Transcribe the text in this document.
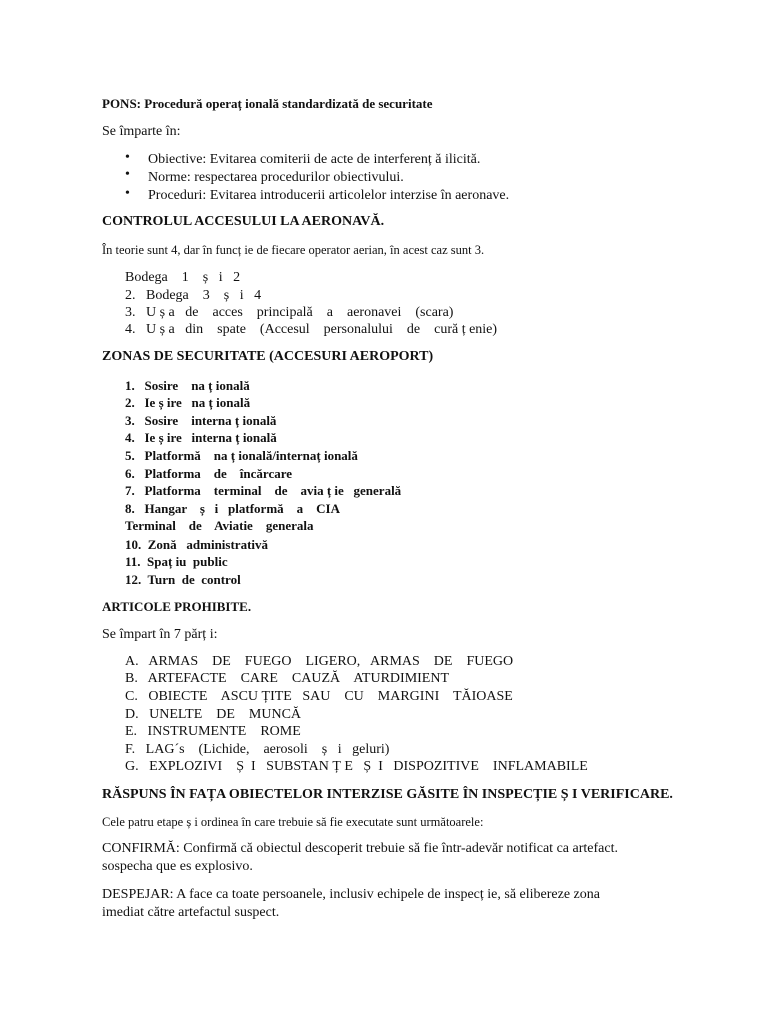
PONS: Procedură operaț ională standardizată de securitate
Se împarte în:
• Obiective: Evitarea comiterii de acte de interferenț ă ilicită.
• Norme: respectarea procedurilor obiectivului.
• Proceduri: Evitarea introducerii articolelor interzise în aeronave.
CONTROLUL ACCESULUI LA AERONAVĂ.
În teorie sunt 4, dar în funcț ie de fiecare operator aerian, în acest caz sunt 3.
Bodega    1    ș   i   2
2.   Bodega    3    ș   i   4
3.   U ș a   de    acces    principală    a    aeronavei    (scara)
4.   U ș a   din    spate    (Accesul    personalului    de    cură ț enie)
ZONAS DE SECURITATE (ACCESURI AEROPORT)
1.   Sosire    na ț ională
2.   Ie ș ire   na ț ională
3.   Sosire    interna ț ională
4.   Ie ș ire   interna ț ională
5.   Platformă    na ț ională/internaț ională
6.   Platforma    de    încărcare
7.   Platforma    terminal    de    avia ț ie   generală
8.   Hangar    ș   i   platformă    a    CIA
Terminal    de    Aviatie    generala
10.  Zonă   administrativă
11.  Spaț iu  public
12.  Turn  de  control
ARTICOLE PROHIBITE.
Se împart în 7 părț i:
A.   ARMAS    DE    FUEGO    LIGERO,   ARMAS    DE    FUEGO
B.   ARTEFACTE    CARE    CAUZĂ    ATURDIMIENT
C.   OBIECTE    ASCU ȚITE   SAU    CU    MARGINI    TĂIOASE
D.   UNELTE    DE    MUNCĂ
E.   INSTRUMENTE    ROME
F.   LAG´s    (Lichide,    aerosoli    ș   i   geluri)
G.   EXPLOZIVI    Ș  I   SUBSTAN Ț E   Ș  I   DISPOZITIVE    INFLAMABILE
RĂSPUNS ÎN FAȚA OBIECTELOR INTERZISE GĂSITE ÎN INSPECȚIE Ș I VERIFICARE.
Cele patru etape ș i ordinea în care trebuie să fie executate sunt următoarele:
CONFIRMĂ: Confirmă că obiectul descoperit trebuie să fie într-adevăr notificat ca artefact.
sospecha que es explosivo.
DESPEJAR: A face ca toate persoanele, inclusiv echipele de inspecț ie, să elibereze zona
imediat către artefactul suspect.
